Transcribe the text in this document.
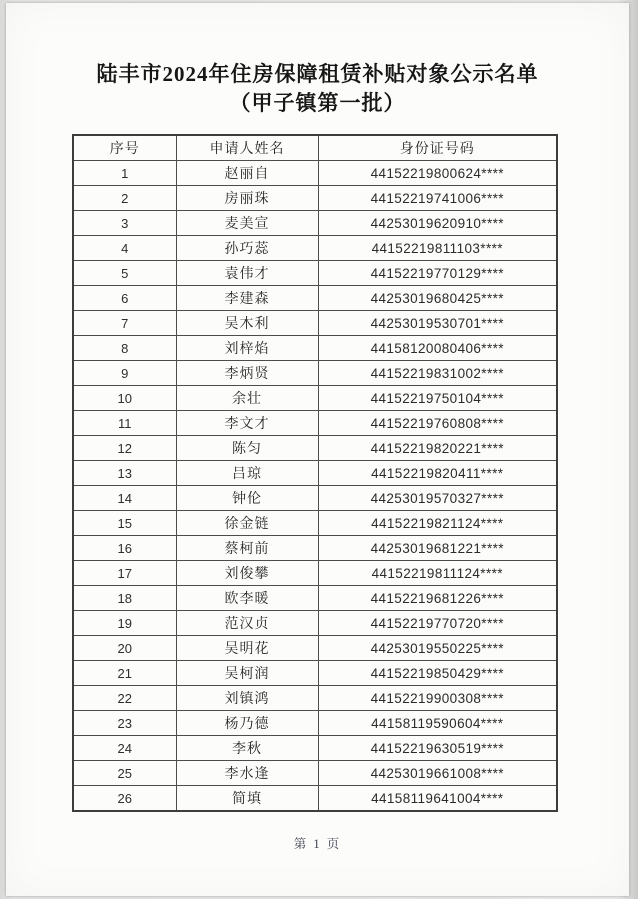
陆丰市2024年住房保障租赁补贴对象公示名单
（甲子镇第一批）
序号	申请人姓名	身份证号码
1	赵丽自	44152219800624****
2	房丽珠	44152219741006****
3	麦美宣	44253019620910****
4	孙巧蕊	44152219811103****
5	袁伟才	44152219770129****
6	李建森	44253019680425****
7	吴木利	44253019530701****
8	刘梓焰	44158120080406****
9	李炳贤	44152219831002****
10	余壮	44152219750104****
11	李文才	44152219760808****
12	陈匀	44152219820221****
13	吕琼	44152219820411****
14	钟伦	44253019570327****
15	徐金链	44152219821124****
16	蔡柯前	44253019681221****
17	刘俊攀	44152219811124****
18	欧李暖	44152219681226****
19	范汉贞	44152219770720****
20	吴明花	44253019550225****
21	吴柯润	44152219850429****
22	刘镇鸿	44152219900308****
23	杨乃德	44158119590604****
24	李秋	44152219630519****
25	李水逢	44253019661008****
26	简填	44158119641004****
第 1 页
